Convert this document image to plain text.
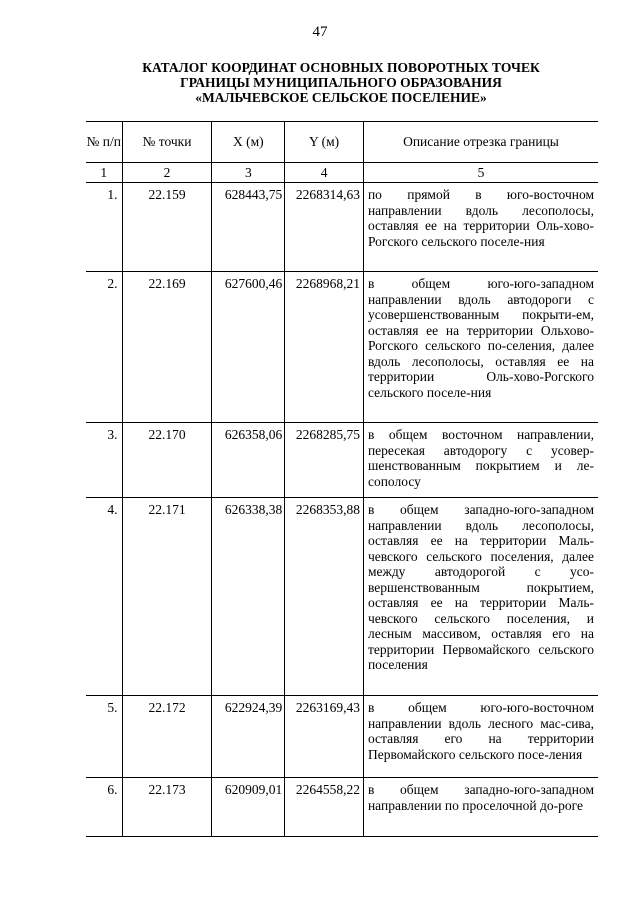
47
КАТАЛОГ КООРДИНАТ ОСНОВНЫХ ПОВОРОТНЫХ ТОЧЕК
ГРАНИЦЫ МУНИЦИПАЛЬНОГО ОБРАЗОВАНИЯ
«МАЛЬЧЕВСКОЕ СЕЛЬСКОЕ ПОСЕЛЕНИЕ»
№ п/п	№ точки	X (м)	Y (м)	Описание отрезка границы
1	2	3	4	5
1.	22.159	628443,75	2268314,63	по прямой в юго-восточном направлении вдоль лесополосы, оставляя ее на территории Оль-хово-Рогского сельского поселе-ния
2.	22.169	627600,46	2268968,21	в общем юго-юго-западном направлении вдоль автодороги с усовершенствованным покрыти-ем, оставляя ее на территории Ольхово-Рогского сельского по-селения, далее вдоль лесополосы, оставляя ее на территории Оль-хово-Рогского сельского поселе-ния
3.	22.170	626358,06	2268285,75	в общем восточном направлении, пересекая автодорогу с усовер-шенствованным покрытием и ле-сополосу
4.	22.171	626338,38	2268353,88	в общем западно-юго-западном направлении вдоль лесополосы, оставляя ее на территории Маль-чевского сельского поселения, далее между автодорогой с усо-вершенствованным покрытием, оставляя ее на территории Маль-чевского сельского поселения, и лесным массивом, оставляя его на территории Первомайского сельского поселения
5.	22.172	622924,39	2263169,43	в общем юго-юго-восточном направлении вдоль лесного мас-сива, оставляя его на территории Первомайского сельского посе-ления
6.	22.173	620909,01	2264558,22	в общем западно-юго-западном направлении по проселочной до-роге
